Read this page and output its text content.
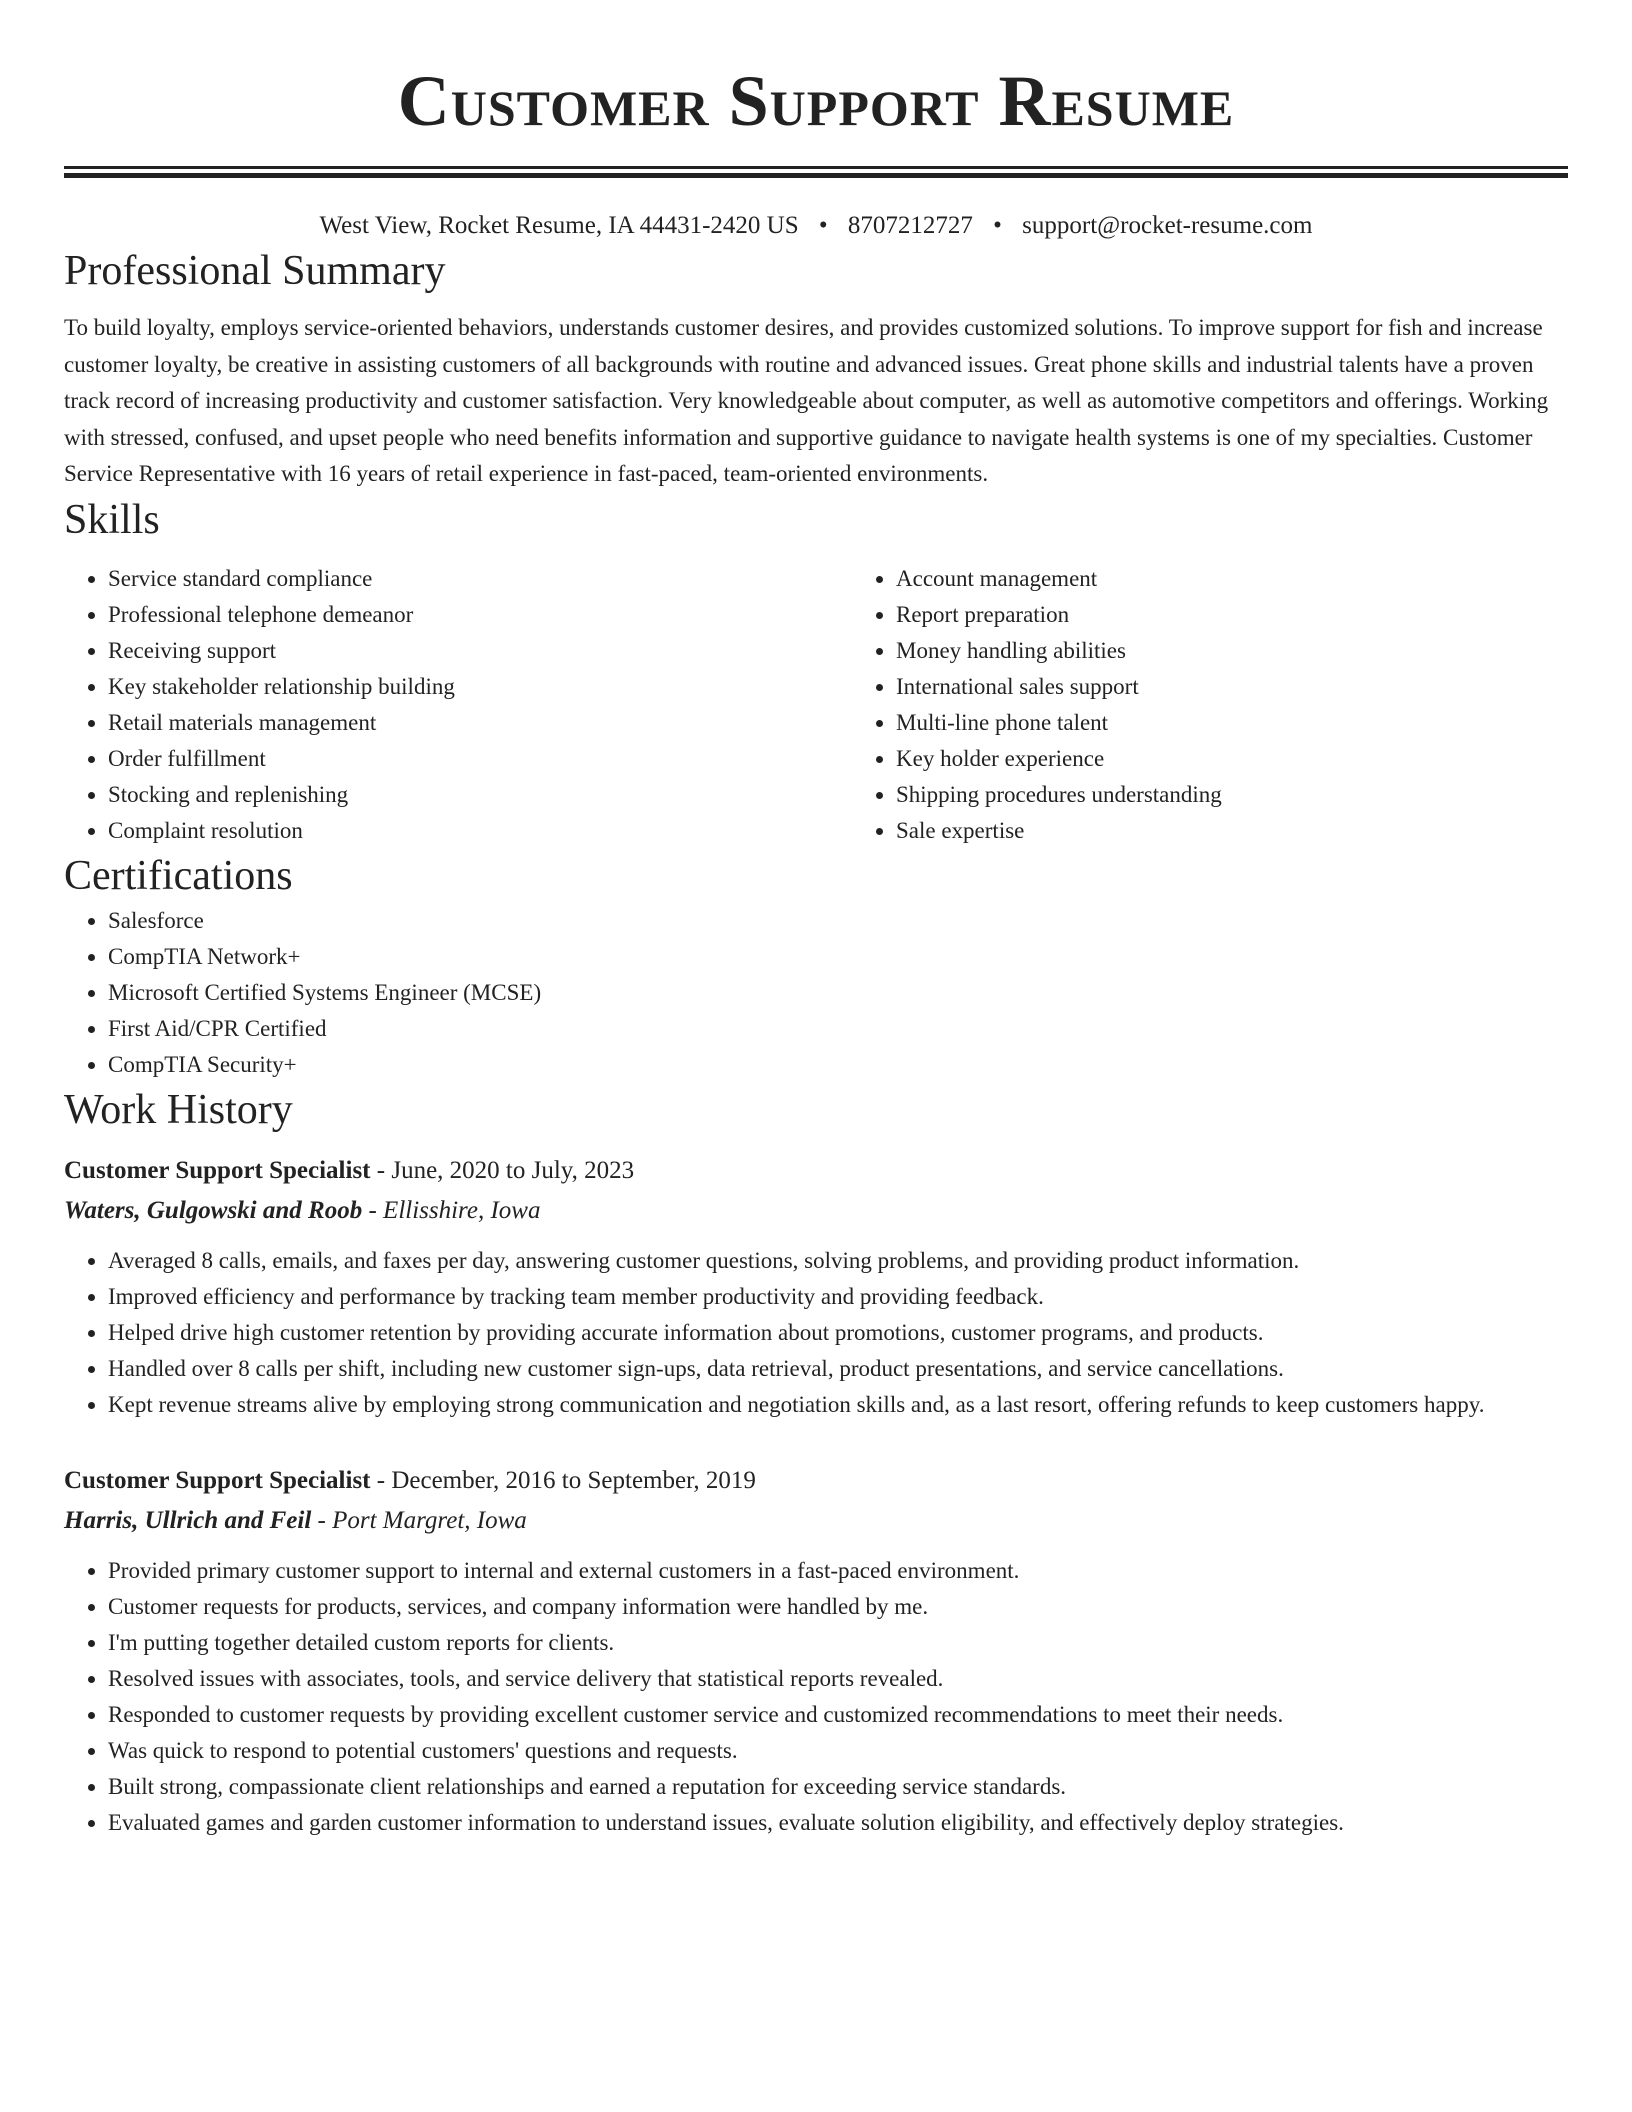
Customer Support Resume
West View, Rocket Resume, IA 44431-2420 US • 8707212727 • support@rocket-resume.com
Professional Summary
To build loyalty, employs service-oriented behaviors, understands customer desires, and provides customized solutions. To improve support for fish and increase customer loyalty, be creative in assisting customers of all backgrounds with routine and advanced issues. Great phone skills and industrial talents have a proven track record of increasing productivity and customer satisfaction. Very knowledgeable about computer, as well as automotive competitors and offerings. Working with stressed, confused, and upset people who need benefits information and supportive guidance to navigate health systems is one of my specialties. Customer Service Representative with 16 years of retail experience in fast-paced, team-oriented environments.
Skills
• Service standard compliance
• Professional telephone demeanor
• Receiving support
• Key stakeholder relationship building
• Retail materials management
• Order fulfillment
• Stocking and replenishing
• Complaint resolution
• Account management
• Report preparation
• Money handling abilities
• International sales support
• Multi-line phone talent
• Key holder experience
• Shipping procedures understanding
• Sale expertise
Certifications
• Salesforce
• CompTIA Network+
• Microsoft Certified Systems Engineer (MCSE)
• First Aid/CPR Certified
• CompTIA Security+
Work History
Customer Support Specialist - June, 2020 to July, 2023
Waters, Gulgowski and Roob - Ellisshire, Iowa
• Averaged 8 calls, emails, and faxes per day, answering customer questions, solving problems, and providing product information.
• Improved efficiency and performance by tracking team member productivity and providing feedback.
• Helped drive high customer retention by providing accurate information about promotions, customer programs, and products.
• Handled over 8 calls per shift, including new customer sign-ups, data retrieval, product presentations, and service cancellations.
• Kept revenue streams alive by employing strong communication and negotiation skills and, as a last resort, offering refunds to keep customers happy.
Customer Support Specialist - December, 2016 to September, 2019
Harris, Ullrich and Feil - Port Margret, Iowa
• Provided primary customer support to internal and external customers in a fast-paced environment.
• Customer requests for products, services, and company information were handled by me.
• I'm putting together detailed custom reports for clients.
• Resolved issues with associates, tools, and service delivery that statistical reports revealed.
• Responded to customer requests by providing excellent customer service and customized recommendations to meet their needs.
• Was quick to respond to potential customers' questions and requests.
• Built strong, compassionate client relationships and earned a reputation for exceeding service standards.
• Evaluated games and garden customer information to understand issues, evaluate solution eligibility, and effectively deploy strategies.
